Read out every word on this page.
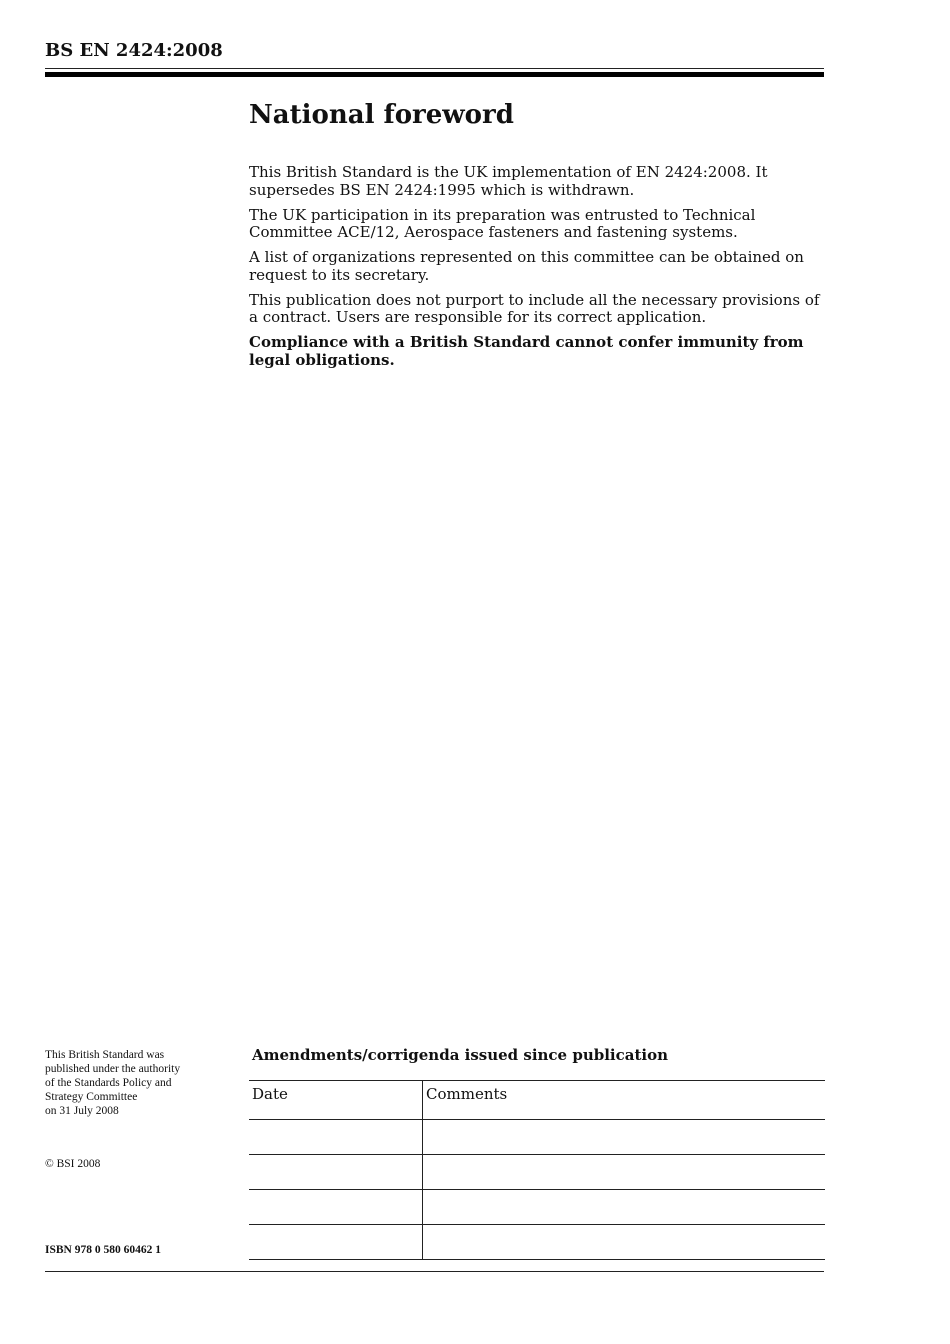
BS EN 2424:2008
National foreword

This British Standard is the UK implementation of EN 2424:2008. It supersedes BS EN 2424:1995 which is withdrawn.

The UK participation in its preparation was entrusted to Technical Committee ACE/12, Aerospace fasteners and fastening systems.

A list of organizations represented on this committee can be obtained on request to its secretary.

This publication does not purport to include all the necessary provisions of a contract. Users are responsible for its correct application.

Compliance with a British Standard cannot confer immunity from legal obligations.

This British Standard was
published under the authority
of the Standards Policy and
Strategy Committee
on 31 July 2008
© BSI 2008
ISBN 978 0 580 60462 1
Amendments/corrigenda issued since publication
Date	Comments
